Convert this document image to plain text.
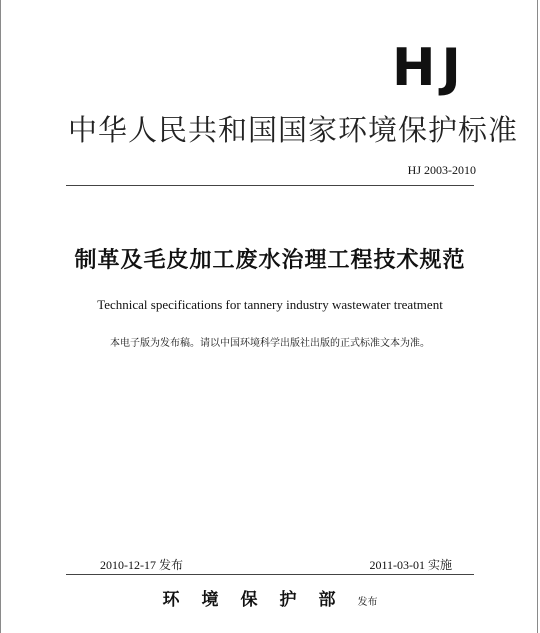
HJ
中华人民共和国国家环境保护标准
HJ 2003-2010
制革及毛皮加工废水治理工程技术规范
Technical specifications for tannery industry wastewater treatment
本电子版为发布稿。请以中国环境科学出版社出版的正式标准文本为准。
2010-12-17 发布	2011-03-01 实施
环境保护部发布
